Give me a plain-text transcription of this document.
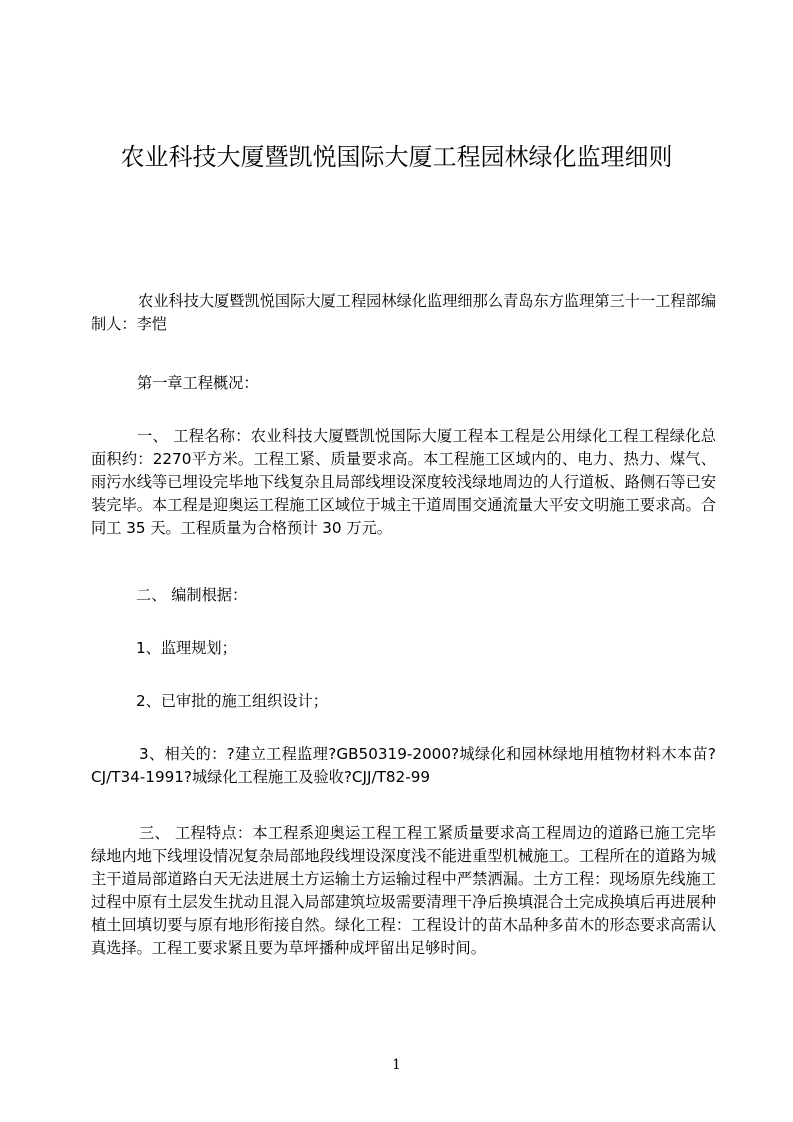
农业科技大厦暨凯悦国际大厦工程园林绿化监理细则
农业科技大厦暨凯悦国际大厦工程园林绿化监理细那么青岛东方监理第三十一工程部编制人：李恺
第一章工程概况：
一、 工程名称：农业科技大厦暨凯悦国际大厦工程本工程是公用绿化工程工程绿化总面积约：2270平方米。工程工紧、质量要求高。本工程施工区域内的、电力、热力、煤气、雨污水线等已埋设完毕地下线复杂且局部线埋设深度较浅绿地周边的人行道板、路侧石等已安装完毕。本工程是迎奥运工程施工区域位于城主干道周围交通流量大平安文明施工要求高。合同工 35 天。工程质量为合格预计 30 万元。
二、 编制根据：
1、监理规划；
2、已审批的施工组织设计；
3、相关的：?建立工程监理?GB50319-2000?城绿化和园林绿地用植物材料木本苗?CJ/T34-1991?城绿化工程施工及验收?CJJ/T82-99
三、 工程特点：本工程系迎奥运工程工程工紧质量要求高工程周边的道路已施工完毕绿地内地下线埋设情况复杂局部地段线埋设深度浅不能进重型机械施工。工程所在的道路为城主干道局部道路白天无法进展土方运输土方运输过程中严禁洒漏。土方工程：现场原先线施工过程中原有土层发生扰动且混入局部建筑垃圾需要清理干净后换填混合土完成换填后再进展种植土回填切要与原有地形衔接自然。绿化工程：工程设计的苗木品种多苗木的形态要求高需认真选择。工程工要求紧且要为草坪播种成坪留出足够时间。
1
